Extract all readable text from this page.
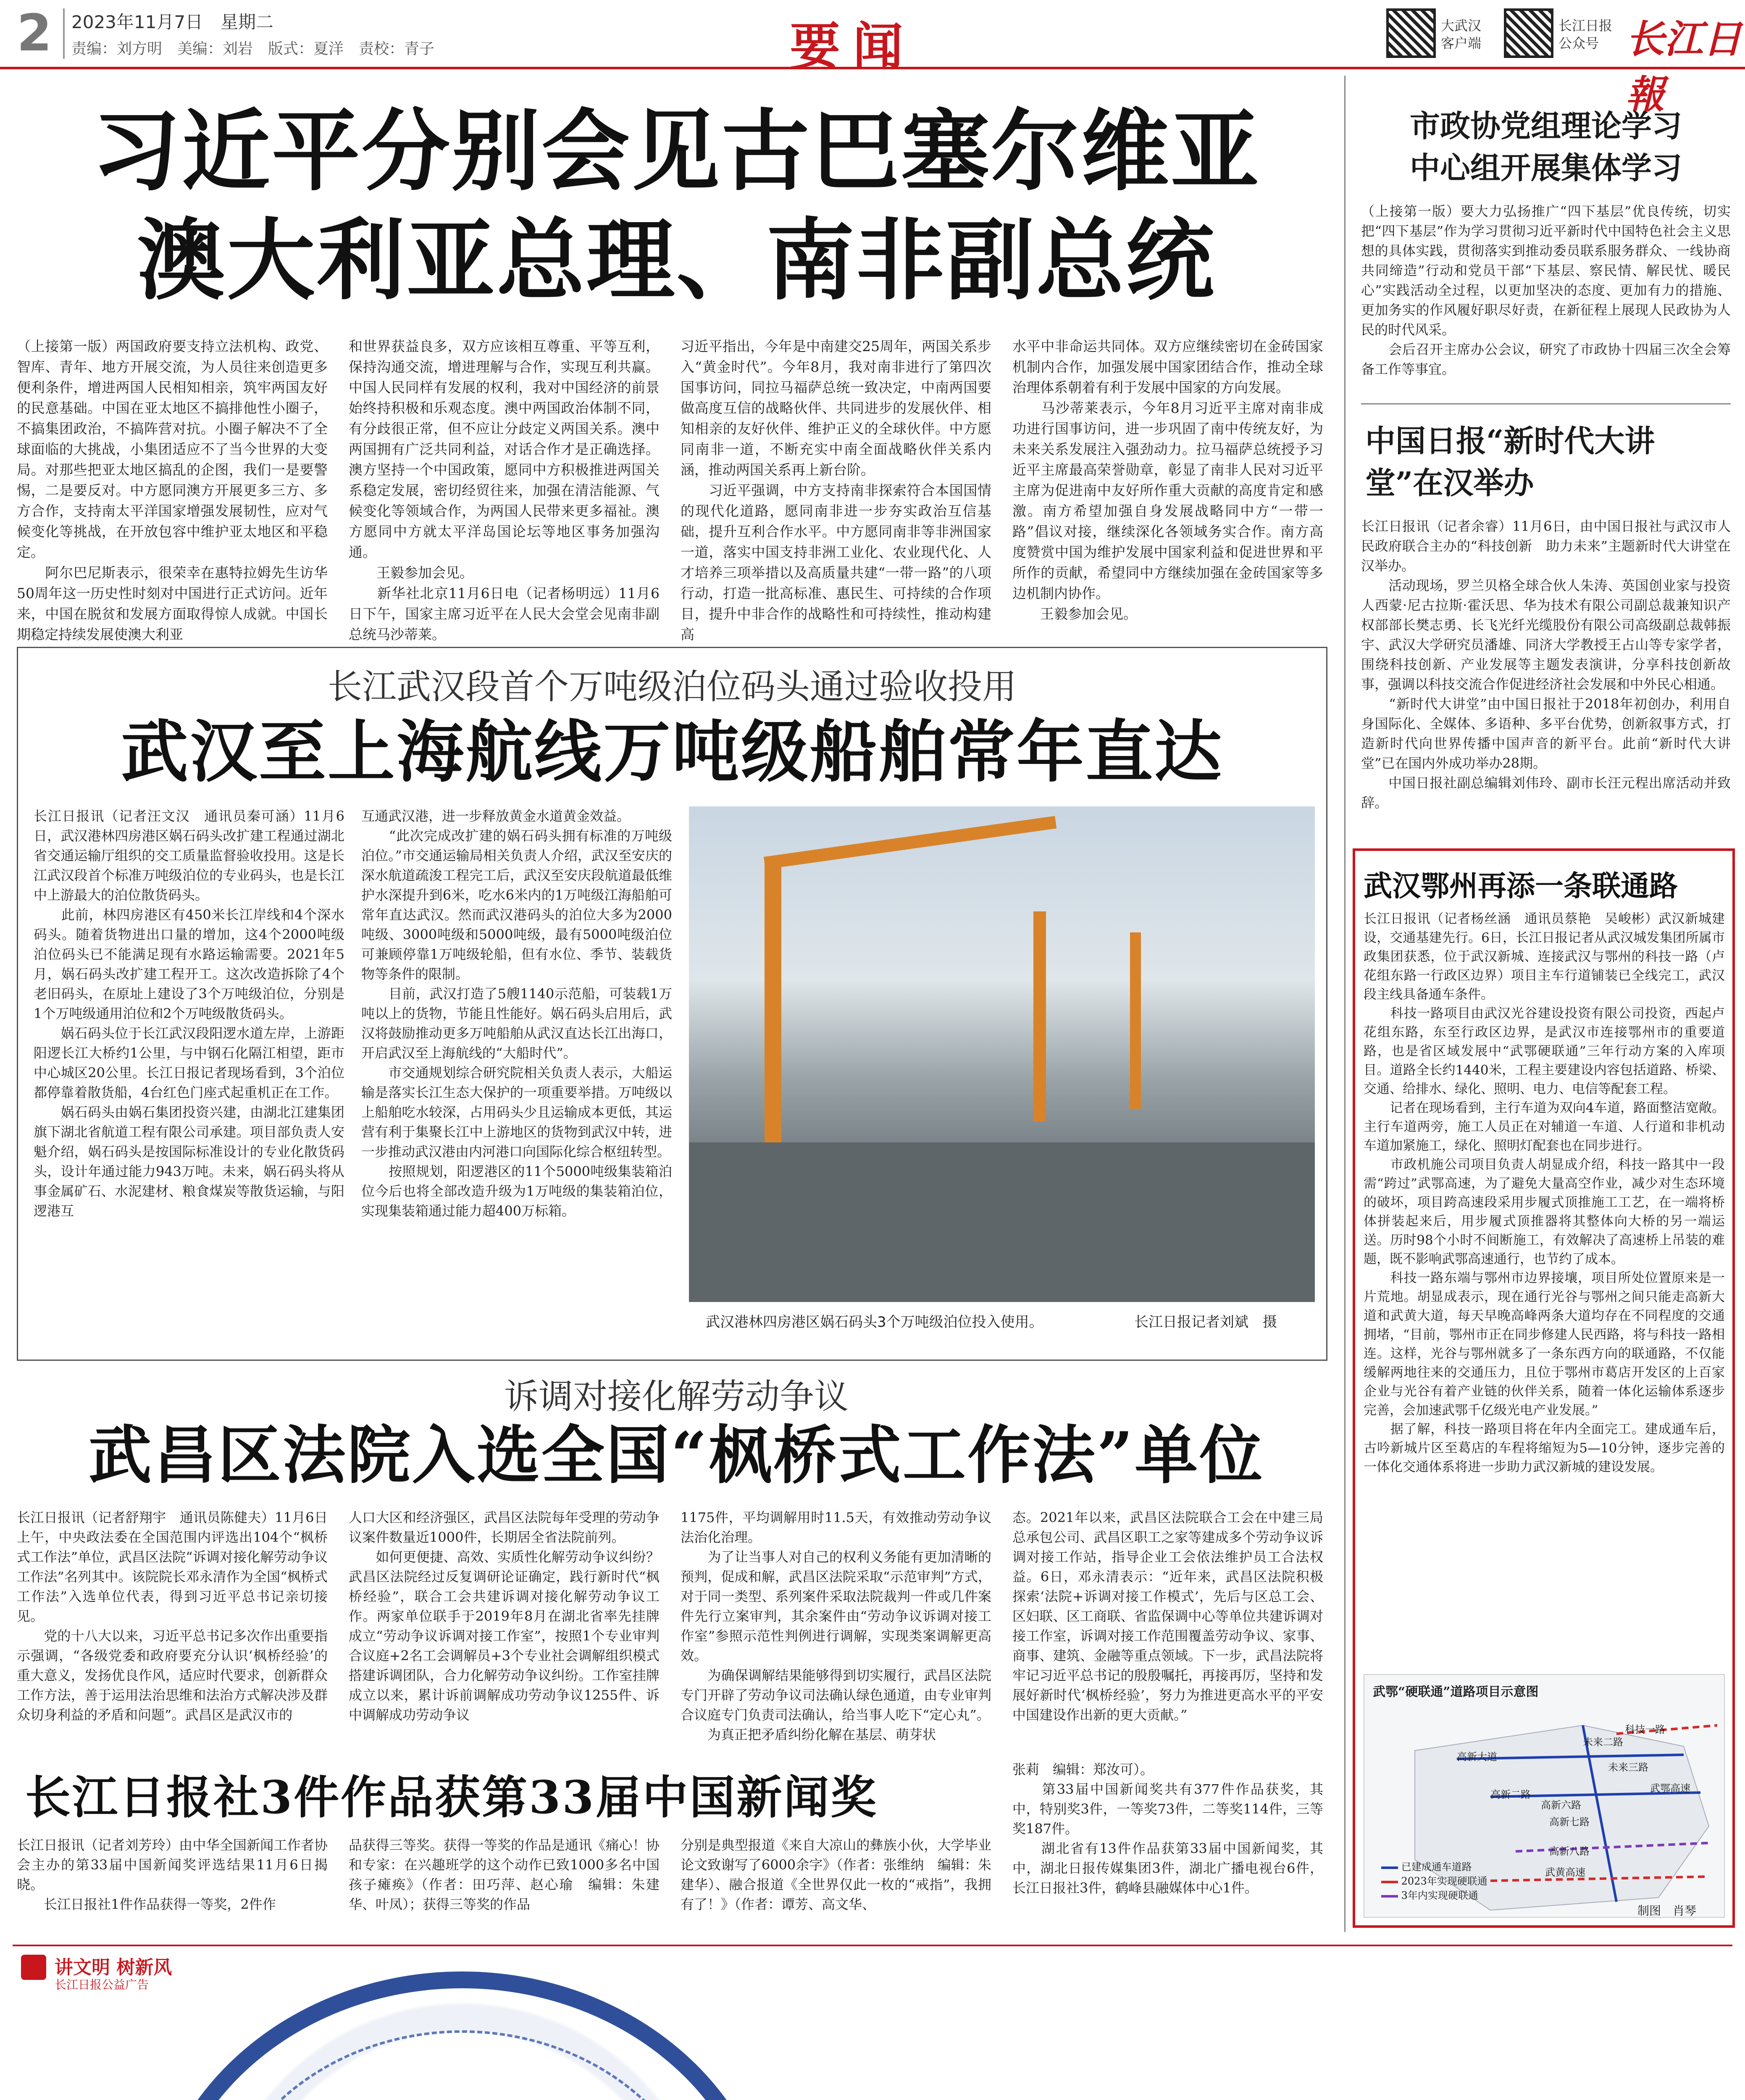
2 2023年11月7日　星期二
责编：刘方明　美编：刘岩　版式：夏洋　责校：青子	要闻	大武汉
客户端
长江日报
公众号 长江日報
习近平分别会见古巴塞尔维亚
澳大利亚总理、南非副总统
（上接第一版）两国政府要支持立法机构、政党、智库、青年、地方开展交流，为人员往来创造更多便利条件，增进两国人民相知相亲，筑牢两国友好的民意基础。中国在亚太地区不搞排他性小圈子，不搞集团政治，不搞阵营对抗。小圈子解决不了全球面临的大挑战，小集团适应不了当今世界的大变局。对那些把亚太地区搞乱的企图，我们一是要警惕，二是要反对。中方愿同澳方开展更多三方、多方合作，支持南太平洋国家增强发展韧性，应对气候变化等挑战，在开放包容中维护亚太地区和平稳定。
　　阿尔巴尼斯表示，很荣幸在惠特拉姆先生访华50周年这一历史性时刻对中国进行正式访问。近年来，中国在脱贫和发展方面取得惊人成就。中国长期稳定持续发展使澳大利亚
和世界获益良多，双方应该相互尊重、平等互利，保持沟通交流，增进理解与合作，实现互利共赢。中国人民同样有发展的权利，我对中国经济的前景始终持积极和乐观态度。澳中两国政治体制不同，有分歧很正常，但不应让分歧定义两国关系。澳中两国拥有广泛共同利益，对话合作才是正确选择。澳方坚持一个中国政策，愿同中方积极推进两国关系稳定发展，密切经贸往来，加强在清洁能源、气候变化等领域合作，为两国人民带来更多福祉。澳方愿同中方就太平洋岛国论坛等地区事务加强沟通。
　　王毅参加会见。
　　新华社北京11月6日电（记者杨明远）11月6日下午，国家主席习近平在人民大会堂会见南非副总统马沙蒂莱。
习近平指出，今年是中南建交25周年，两国关系步入“黄金时代”。今年8月，我对南非进行了第四次国事访问，同拉马福萨总统一致决定，中南两国要做高度互信的战略伙伴、共同进步的发展伙伴、相知相亲的友好伙伴、维护正义的全球伙伴。中方愿同南非一道，不断充实中南全面战略伙伴关系内涵，推动两国关系再上新台阶。
　　习近平强调，中方支持南非探索符合本国国情的现代化道路，愿同南非进一步夯实政治互信基础，提升互利合作水平。中方愿同南非等非洲国家一道，落实中国支持非洲工业化、农业现代化、人才培养三项举措以及高质量共建“一带一路”的八项行动，打造一批高标准、惠民生、可持续的合作项目，提升中非合作的战略性和可持续性，推动构建高
水平中非命运共同体。双方应继续密切在金砖国家机制内合作，加强发展中国家团结合作，推动全球治理体系朝着有利于发展中国家的方向发展。
　　马沙蒂莱表示，今年8月习近平主席对南非成功进行国事访问，进一步巩固了南中传统友好，为未来关系发展注入强劲动力。拉马福萨总统授予习近平主席最高荣誉勋章，彰显了南非人民对习近平主席为促进南中友好所作重大贡献的高度肯定和感激。南方希望加强自身发展战略同中方“一带一路”倡议对接，继续深化各领域务实合作。南方高度赞赏中国为维护发展中国家利益和促进世界和平所作的贡献，希望同中方继续加强在金砖国家等多边机制内协作。
　　王毅参加会见。
市政协党组理论学习
中心组开展集体学习
（上接第一版）要大力弘扬推广“四下基层”优良传统，切实把“四下基层”作为学习贯彻习近平新时代中国特色社会主义思想的具体实践，贯彻落实到推动委员联系服务群众、一线协商　共同缔造”行动和党员干部“下基层、察民情、解民忧、暖民心”实践活动全过程，以更加坚决的态度、更加有力的措施、更加务实的作风履好职尽好责，在新征程上展现人民政协为人民的时代风采。
　　会后召开主席办公会议，研究了市政协十四届三次全会筹备工作等事宜。
中国日报“新时代大讲
堂”在汉举办
长江日报讯（记者余睿）11月6日，由中国日报社与武汉市人民政府联合主办的“科技创新　助力未来”主题新时代大讲堂在汉举办。
　　活动现场，罗兰贝格全球合伙人朱涛、英国创业家与投资人西蒙·尼古拉斯·霍沃思、华为技术有限公司副总裁兼知识产权部部长樊志勇、长飞光纤光缆股份有限公司高级副总裁韩振宇、武汉大学研究员潘雄、同济大学教授王占山等专家学者，围绕科技创新、产业发展等主题发表演讲，分享科技创新故事，强调以科技交流合作促进经济社会发展和中外民心相通。
　　“新时代大讲堂”由中国日报社于2018年初创办，利用自身国际化、全媒体、多语种、多平台优势，创新叙事方式，打造新时代向世界传播中国声音的新平台。此前“新时代大讲堂”已在国内外成功举办28期。
　　中国日报社副总编辑刘伟玲、副市长汪元程出席活动并致辞。
武汉鄂州再添一条联通路
长江日报讯（记者杨丝涵　通讯员蔡艳　吴峻彬）武汉新城建设，交通基建先行。6日，长江日报记者从武汉城发集团所属市政集团获悉，位于武汉新城、连接武汉与鄂州的科技一路（卢花组东路一行政区边界）项目主车行道铺装已全线完工，武汉段主线具备通车条件。
　　科技一路项目由武汉光谷建设投资有限公司投资，西起卢花组东路，东至行政区边界，是武汉市连接鄂州市的重要道路，也是省区域发展中“武鄂硬联通”三年行动方案的入库项目。道路全长约1440米，工程主要建设内容包括道路、桥梁、交通、给排水、绿化、照明、电力、电信等配套工程。
　　记者在现场看到，主行车道为双向4车道，路面整洁宽敞。主行车道两旁，施工人员正在对辅道一车道、人行道和非机动车道加紧施工，绿化、照明灯配套也在同步进行。
　　市政机施公司项目负责人胡显成介绍，科技一路其中一段需“跨过”武鄂高速，为了避免大量高空作业，减少对生态环境的破坏，项目跨高速段采用步履式顶推施工工艺，在一端将桥体拼装起来后，用步履式顶推器将其整体向大桥的另一端运送。历时98个小时不间断施工，有效解决了高速桥上吊装的难题，既不影响武鄂高速通行，也节约了成本。
　　科技一路东端与鄂州市边界接壤，项目所处位置原来是一片荒地。胡显成表示，现在通行光谷与鄂州之间只能走高新大道和武黄大道，每天早晚高峰两条大道均存在不同程度的交通拥堵，“目前，鄂州市正在同步修建人民西路，将与科技一路相连。这样，光谷与鄂州就多了一条东西方向的联通路，不仅能缓解两地往来的交通压力，且位于鄂州市葛店开发区的上百家企业与光谷有着产业链的伙伴关系，随着一体化运输体系逐步完善，会加速武鄂千亿级光电产业发展。”
　　据了解，科技一路项目将在年内全面完工。建成通车后，古吟新城片区至葛店的车程将缩短为5—10分钟，逐步完善的一体化交通体系将进一步助力武汉新城的建设发展。
武鄂“硬联通”道路项目示意图
科技一路
未来二路
未来三路
高新大道
高新二路
高新六路
高新七路
高新八路
武黄高速
武鄂高速
已建成通车道路
2023年实现硬联通
3年内实现硬联通
制图　肖琴
长江武汉段首个万吨级泊位码头通过验收投用
武汉至上海航线万吨级船舶常年直达
长江日报讯（记者汪文汉　通讯员秦可涵）11月6日，武汉港林四房港区娲石码头改扩建工程通过湖北省交通运输厅组织的交工质量监督验收投用。这是长江武汉段首个标准万吨级泊位的专业码头，也是长江中上游最大的泊位散货码头。
　　此前，林四房港区有450米长江岸线和4个深水码头。随着货物进出口量的增加，这4个2000吨级泊位码头已不能满足现有水路运输需要。2021年5月，娲石码头改扩建工程开工。这次改造拆除了4个老旧码头，在原址上建设了3个万吨级泊位，分别是1个万吨级通用泊位和2个万吨级散货码头。
　　娲石码头位于长江武汉段阳逻水道左岸，上游距阳逻长江大桥约1公里，与中钢石化隔江相望，距市中心城区20公里。长江日报记者现场看到，3个泊位都停靠着散货船，4台红色门座式起重机正在工作。
　　娲石码头由娲石集团投资兴建，由湖北江建集团旗下湖北省航道工程有限公司承建。项目部负责人安魁介绍，娲石码头是按国际标准设计的专业化散货码头，设计年通过能力943万吨。未来，娲石码头将从事金属矿石、水泥建材、粮食煤炭等散货运输，与阳逻港互
互通武汉港，进一步释放黄金水道黄金效益。
　　“此次完成改扩建的娲石码头拥有标准的万吨级泊位。”市交通运输局相关负责人介绍，武汉至安庆的深水航道疏浚工程完工后，武汉至安庆段航道最低维护水深提升到6米，吃水6米内的1万吨级江海船舶可常年直达武汉。然而武汉港码头的泊位大多为2000吨级、3000吨级和5000吨级，最有5000吨级泊位可兼顾停靠1万吨级轮船，但有水位、季节、装载货物等条件的限制。
　　目前，武汉打造了5艘1140示范船，可装载1万吨以上的货物，节能且性能好。娲石码头启用后，武汉将鼓励推动更多万吨船舶从武汉直达长江出海口，开启武汉至上海航线的“大船时代”。
　　市交通规划综合研究院相关负责人表示，大船运输是落实长江生态大保护的一项重要举措。万吨级以上船舶吃水较深，占用码头少且运输成本更低，其运营有利于集聚长江中上游地区的货物到武汉中转，进一步推动武汉港由内河港口向国际化综合枢纽转型。
　　按照规划，阳逻港区的11个5000吨级集装箱泊位今后也将全部改造升级为1万吨级的集装箱泊位，实现集装箱通过能力超400万标箱。
武汉港林四房港区娲石码头3个万吨级泊位投入使用。	长江日报记者刘斌　摄
诉调对接化解劳动争议
武昌区法院入选全国“枫桥式工作法”单位
长江日报讯（记者舒翔宇　通讯员陈健夫）11月6日上午，中央政法委在全国范围内评选出104个“枫桥式工作法”单位，武昌区法院“诉调对接化解劳动争议工作法”名列其中。该院院长邓永清作为全国“枫桥式工作法”入选单位代表，得到习近平总书记亲切接见。
　　党的十八大以来，习近平总书记多次作出重要指示强调，“各级党委和政府要充分认识‘枫桥经验’的重大意义，发扬优良作风，适应时代要求，创新群众工作方法，善于运用法治思维和法治方式解决涉及群众切身利益的矛盾和问题”。武昌区是武汉市的
人口大区和经济强区，武昌区法院每年受理的劳动争议案件数量近1000件，长期居全省法院前列。
　　如何更便捷、高效、实质性化解劳动争议纠纷？武昌区法院经过反复调研论证确定，践行新时代“枫桥经验”，联合工会共建诉调对接化解劳动争议工作。两家单位联手于2019年8月在湖北省率先挂牌成立“劳动争议诉调对接工作室”，按照1个专业审判合议庭+2名工会调解员+3个专业社会调解组织模式搭建诉调团队，合力化解劳动争议纠纷。工作室挂牌成立以来，累计诉前调解成功劳动争议1255件、诉中调解成功劳动争议
1175件，平均调解用时11.5天，有效推动劳动争议法治化治理。
　　为了让当事人对自己的权利义务能有更加清晰的预判，促成和解，武昌区法院采取“示范审判”方式，对于同一类型、系列案件采取法院裁判一件或几件案件先行立案审判，其余案件由“劳动争议诉调对接工作室”参照示范性判例进行调解，实现类案调解更高效。
　　为确保调解结果能够得到切实履行，武昌区法院专门开辟了劳动争议司法确认绿色通道，由专业审判合议庭专门负责司法确认，给当事人吃下“定心丸”。
　　为真正把矛盾纠纷化解在基层、萌芽状
态。2021年以来，武昌区法院联合工会在中建三局总承包公司、武昌区职工之家等建成多个劳动争议诉调对接工作站，指导企业工会依法维护员工合法权益。6日，邓永清表示：“近年来，武昌区法院积极探索‘法院+诉调对接工作模式’，先后与区总工会、区妇联、区工商联、省监保调中心等单位共建诉调对接工作室，诉调对接工作范围覆盖劳动争议、家事、商事、建筑、金融等重点领域。下一步，武昌法院将牢记习近平总书记的殷殷嘱托，再接再厉，坚持和发展好新时代‘枫桥经验’，努力为推进更高水平的平安中国建设作出新的更大贡献。”
长江日报社3件作品获第33届中国新闻奖
长江日报讯（记者刘芳玲）由中华全国新闻工作者协会主办的第33届中国新闻奖评选结果11月6日揭晓。
　　长江日报社1件作品获得一等奖，2件作
品获得三等奖。获得一等奖的作品是通讯《痛心！协和专家：在兴趣班学的这个动作已致1000多名中国孩子瘫痪》（作者：田巧萍、赵心瑜　编辑：朱建华、叶凤）；获得三等奖的作品
分别是典型报道《来自大凉山的彝族小伙，大学毕业论文致谢写了6000余字》（作者：张维纳　编辑：朱建华）、融合报道《全世界仅此一枚的“戒指”，我拥有了！》（作者：谭芳、高文华、
张莉　编辑：郑汝可）。
　　第33届中国新闻奖共有377件作品获奖，其中，特别奖3件，一等奖73件，二等奖114件，三等奖187件。
　　湖北省有13件作品获第33届中国新闻奖，其中，湖北日报传媒集团3件，湖北广播电视台6件，长江日报社3件，鹤峰县融媒体中心1件。
讲文明 树新风
长江日报公益广告
